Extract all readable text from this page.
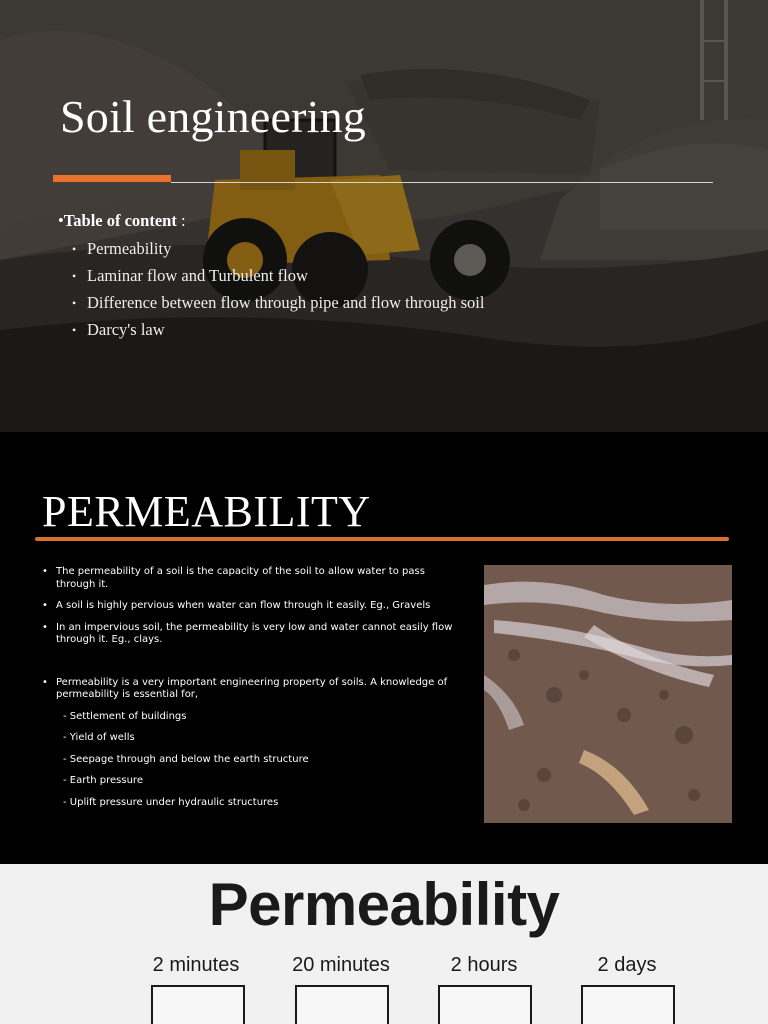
Soil engineering
•Table of content :
• Permeability
• Laminar flow and Turbulent flow
• Difference between flow through pipe and flow through soil
• Darcy's law
PERMEABILITY
• The permeability of a soil is the capacity of the soil to allow water to pass through it.
• A soil is highly pervious when water can flow through it easily. Eg., Gravels
• In an impervious soil, the permeability is very low and water cannot easily flow through it. Eg., clays.
• Permeability is a very important engineering property of soils. A knowledge of permeability is essential for,
- Settlement of buildings
- Yield of wells
- Seepage through and below the earth structure
- Earth pressure
- Uplift pressure under hydraulic structures
Permeability
2 minutes	20 minutes	2 hours	2 days
